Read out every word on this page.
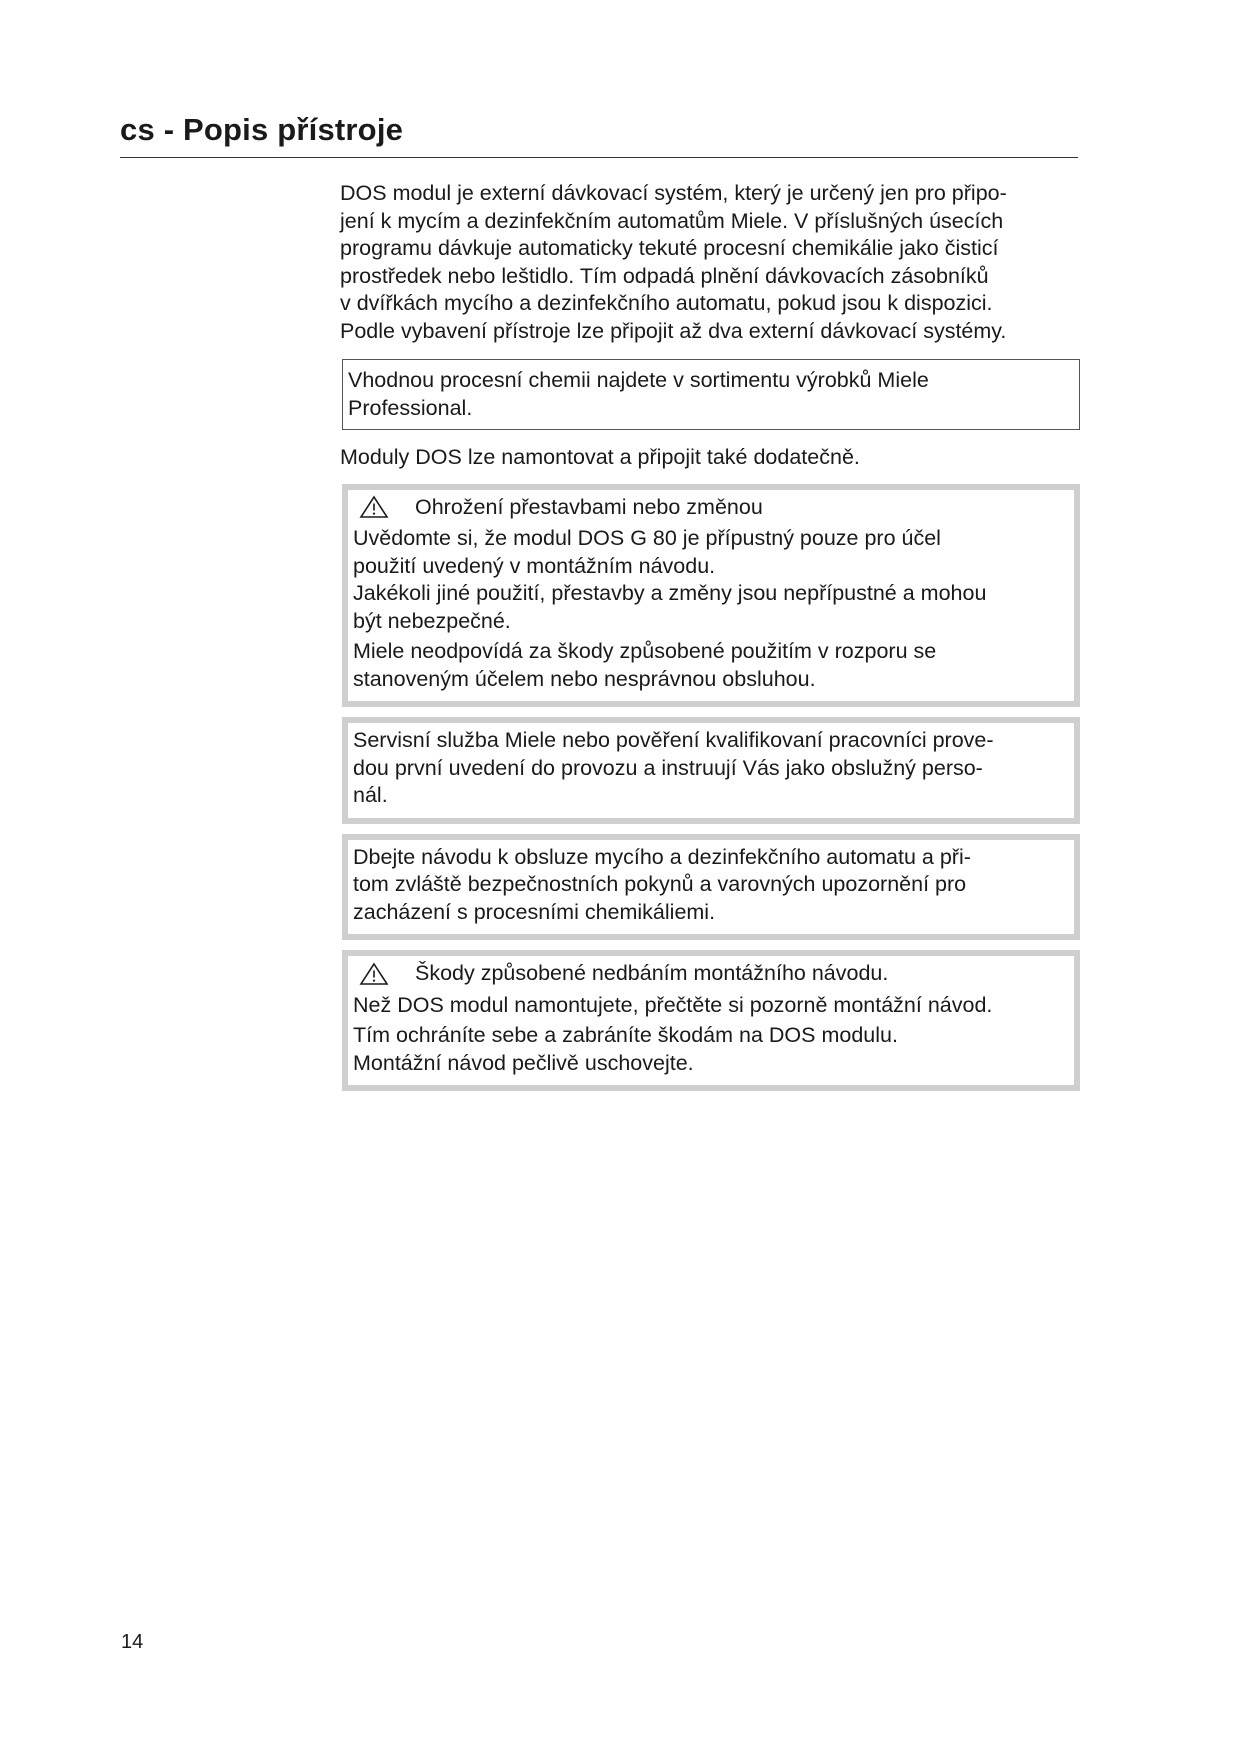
cs - Popis přístroje

DOS modul je externí dávkovací systém, který je určený jen pro připo-
jení k mycím a dezinfekčním automatům Miele. V příslušných úsecích
programu dávkuje automaticky tekuté procesní chemikálie jako čisticí
prostředek nebo leštidlo. Tím odpadá plnění dávkovacích zásobníků
v dvířkách mycího a dezinfekčního automatu, pokud jsou k dispozici.
Podle vybavení přístroje lze připojit až dva externí dávkovací systémy.

Vhodnou procesní chemii najdete v sortimentu výrobků Miele
Professional.

Moduly DOS lze namontovat a připojit také dodatečně.

Ohrožení přestavbami nebo změnou

Uvědomte si, že modul DOS G 80 je přípustný pouze pro účel
použití uvedený v montážním návodu.
Jakékoli jiné použití, přestavby a změny jsou nepřípustné a mohou
být nebezpečné.

Miele neodpovídá za škody způsobené použitím v rozporu se
stanoveným účelem nebo nesprávnou obsluhou.

Servisní služba Miele nebo pověření kvalifikovaní pracovníci prove-
dou první uvedení do provozu a instruují Vás jako obslužný perso-
nál.

Dbejte návodu k obsluze mycího a dezinfekčního automatu a při-
tom zvláště bezpečnostních pokynů a varovných upozornění pro
zacházení s procesními chemikáliemi.

Škody způsobené nedbáním montážního návodu.

Než DOS modul namontujete, přečtěte si pozorně montážní návod.

Tím ochráníte sebe a zabráníte škodám na DOS modulu.
Montážní návod pečlivě uschovejte.

14
